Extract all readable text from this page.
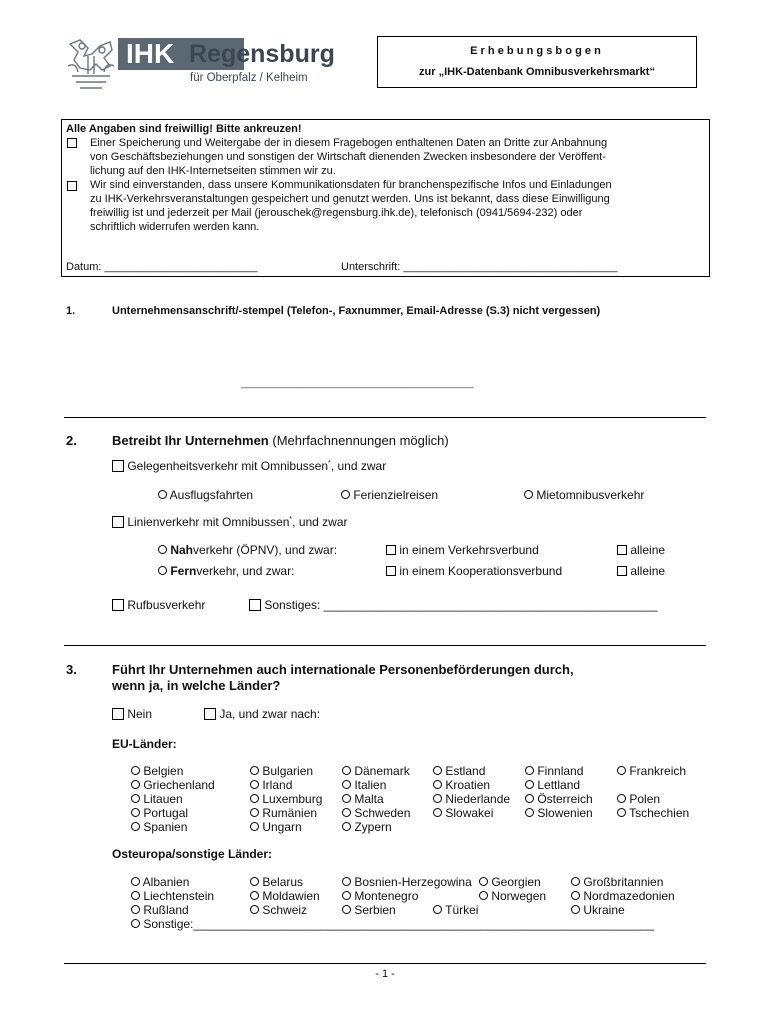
IHK Regensburg
für Oberpfalz / Kelheim
Erhebungsbogen
zur „IHK-Datenbank Omnibusverkehrsmarkt“
Alle Angaben sind freiwillig! Bitte ankreuzen!
Einer Speicherung und Weitergabe der in diesem Fragebogen enthaltenen Daten an Dritte zur Anbahnung
von Geschäftsbeziehungen und sonstigen der Wirtschaft dienenden Zwecken insbesondere der Veröffent-
lichung auf den IHK-Internetseiten stimmen wir zu.
Wir sind einverstanden, dass unsere Kommunikationsdaten für branchenspezifische Infos und Einladungen
zu IHK-Verkehrsveranstaltungen gespeichert und genutzt werden. Uns ist bekannt, dass diese Einwilligung
freiwillig ist und jederzeit per Mail (jerouschek@regensburg.ihk.de), telefonisch (0941/5694-232) oder
schriftlich widerrufen werden kann.
Datum: _________________________	Unterschrift: ___________________________________
1.	Unternehmensanschrift/-stempel (Telefon-, Faxnummer, Email-Adresse (S.3) nicht vergessen)
______________________________________
2.	Betreibt Ihr Unternehmen (Mehrfachnennungen möglich)
Gelegenheitsverkehr mit Omnibussen*, und zwar
Ausflugsfahrten	Ferienzielreisen	Mietomnibusverkehr
Linienverkehr mit Omnibussen*, und zwar
Nahverkehr (ÖPNV), und zwar:	in einem Verkehrsverbund	alleine
Fernverkehr, und zwar:	in einem Kooperationsverbund	alleine
Rufbusverkehr	Sonstiges: __________________________________________________
3.	Führt Ihr Unternehmen auch internationale Personenbeförderungen durch,
wenn ja, in welche Länder?
Nein	Ja, und zwar nach:
EU-Länder:
Belgien	Bulgarien	Dänemark	Estland	Finnland	Frankreich
Griechenland	Irland	Italien	Kroatien	Lettland
Litauen	Luxemburg	Malta	Niederlande	Österreich	Polen
Portugal	Rumänien	Schweden	Slowakei	Slowenien	Tschechien
Spanien	Ungarn	Zypern
Osteuropa/sonstige Länder:
Albanien	Belarus	Bosnien-Herzegowina	Georgien	Großbritannien
Liechtenstein	Moldawien	Montenegro	Norwegen	Nordmazedonien
Rußland	Schweiz	Serbien	Türkei	Ukraine
Sonstige:_____________________________________________________________________
- 1 -
